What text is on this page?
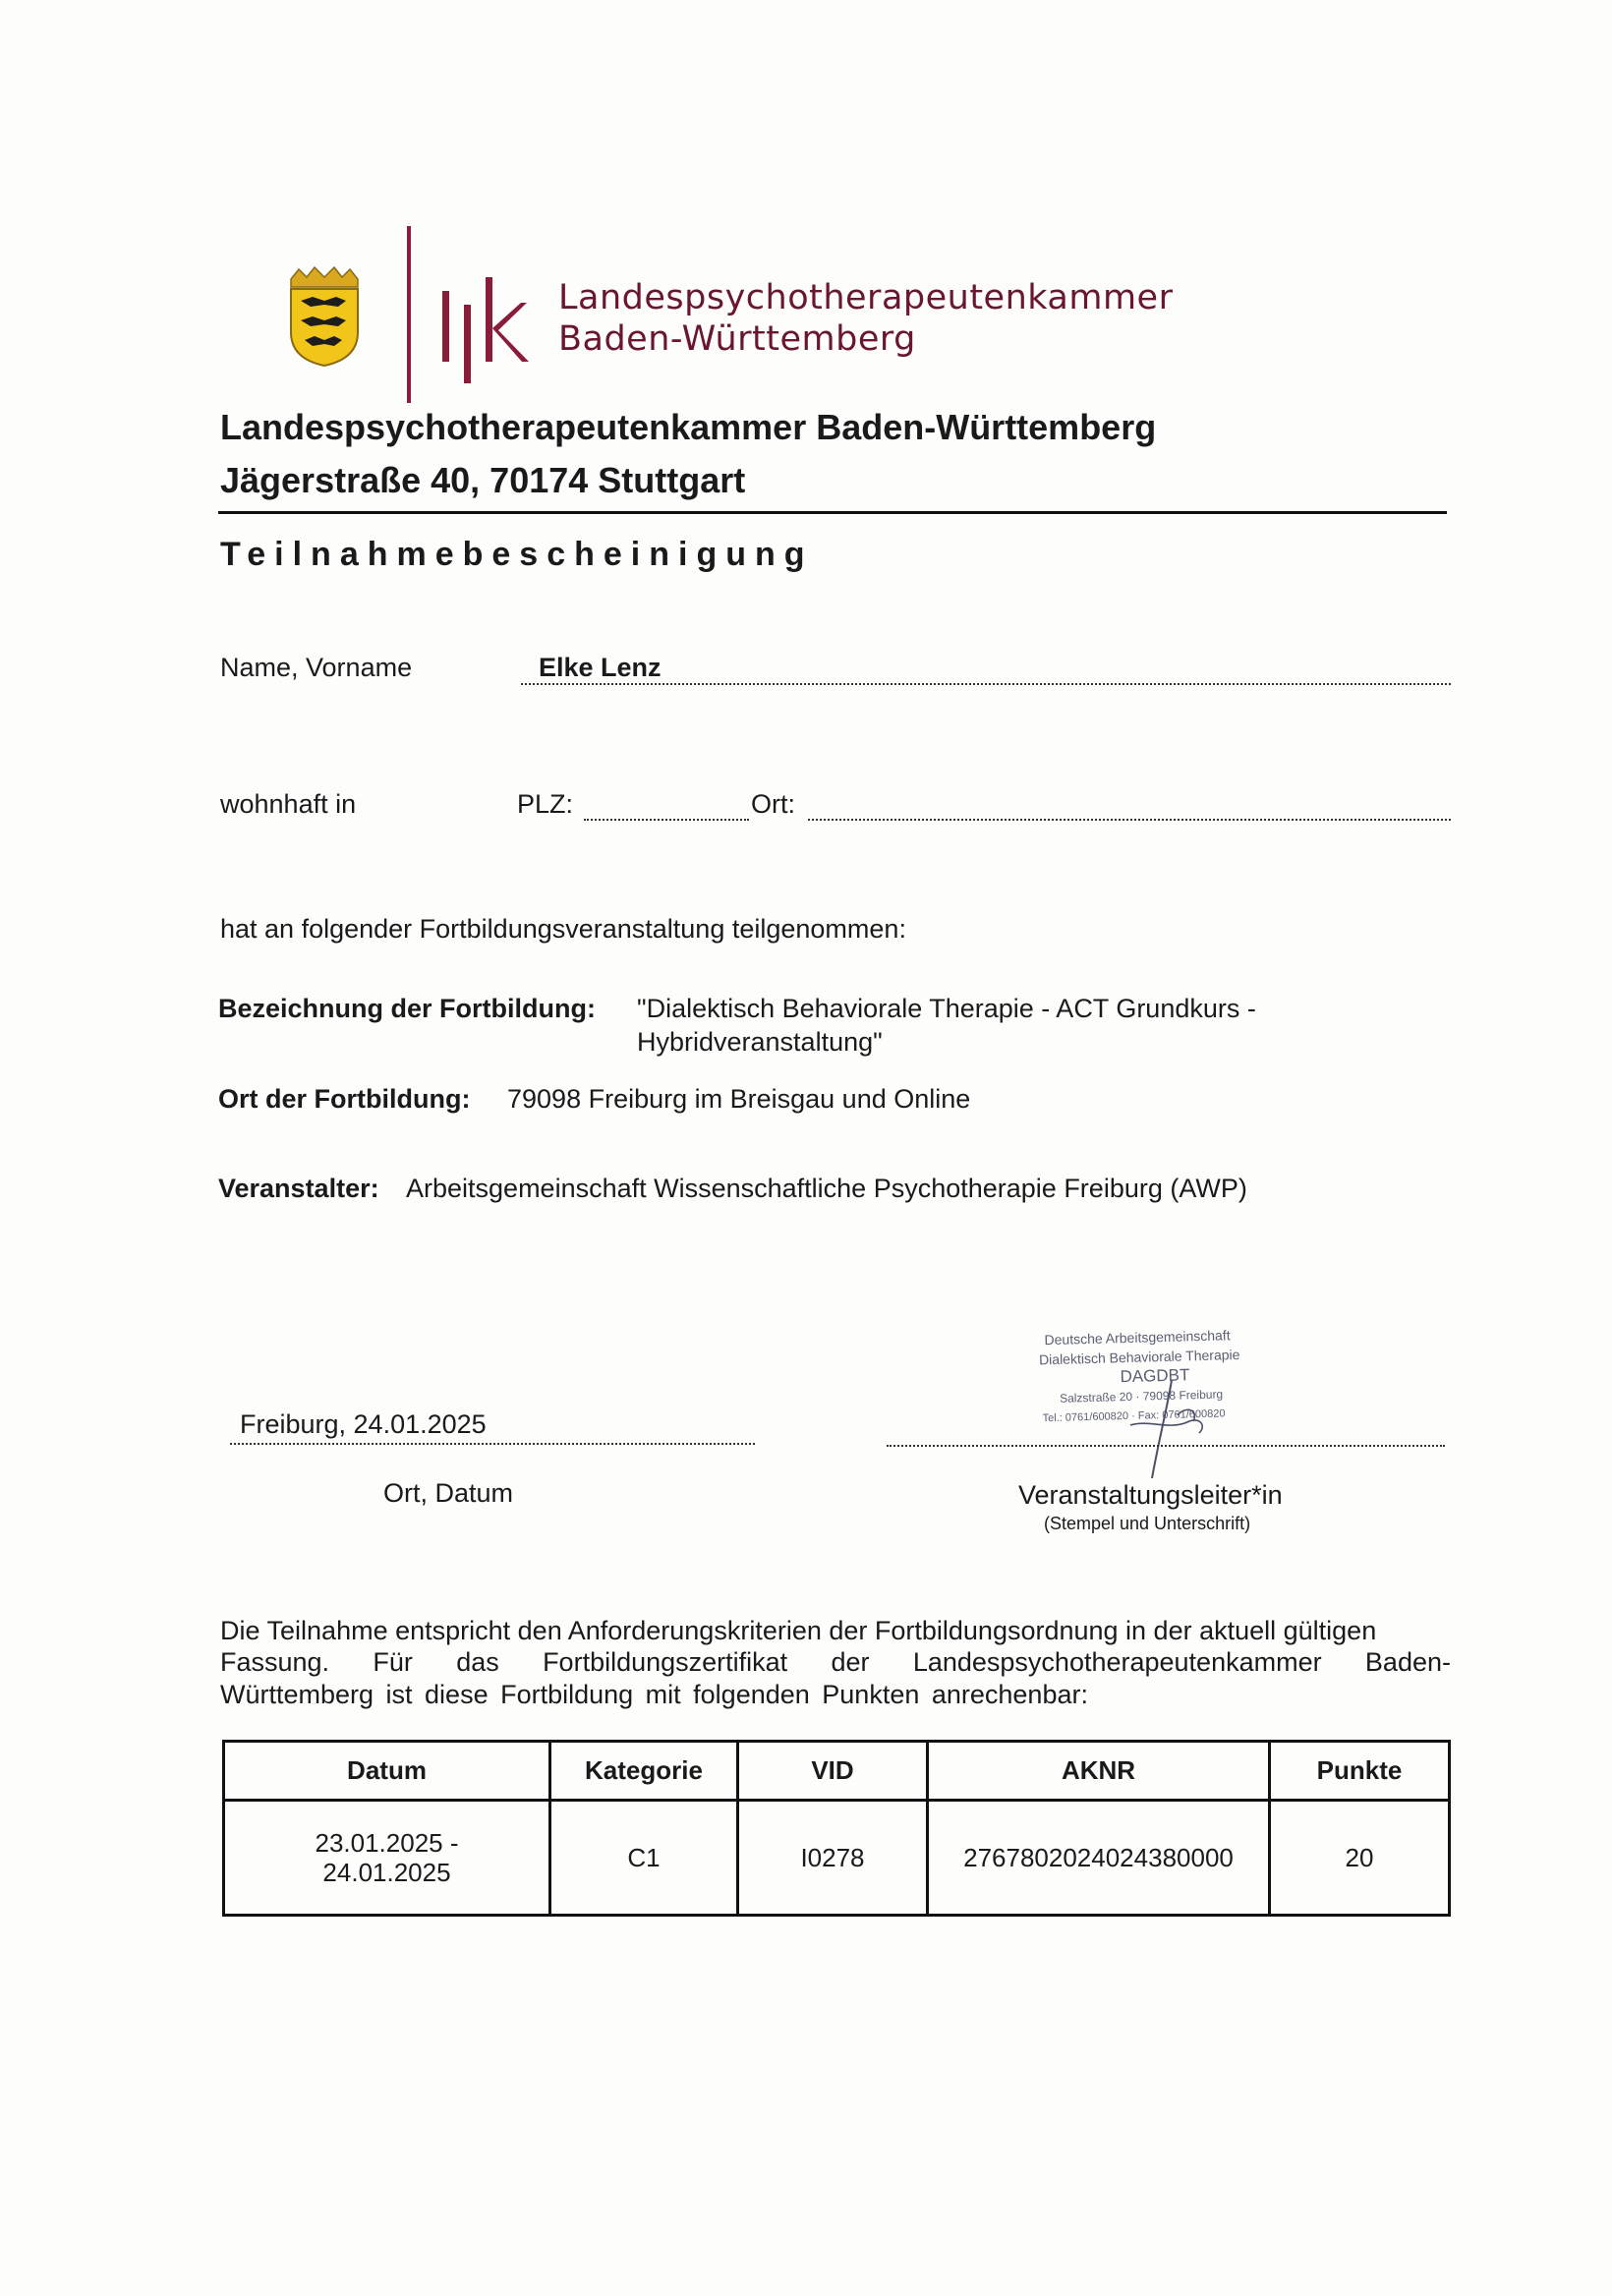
Landespsychotherapeutenkammer
Baden-Württemberg
Landespsychotherapeutenkammer Baden-Württemberg
Jägerstraße 40, 70174 Stuttgart
Teilnahmebescheinigung
Name, Vorname	Elke Lenz
wohnhaft in	PLZ:	Ort:
hat an folgender Fortbildungsveranstaltung teilgenommen:
Bezeichnung der Fortbildung: "Dialektisch Behaviorale Therapie - ACT Grundkurs -
Hybridveranstaltung"
Ort der Fortbildung: 79098 Freiburg im Breisgau und Online
Veranstalter: Arbeitsgemeinschaft Wissenschaftliche Psychotherapie Freiburg (AWP)
Freiburg, 24.01.2025
Ort, Datum
Deutsche Arbeitsgemeinschaft
Dialektisch Behaviorale Therapie
DAGDBT
Salzstraße 20 · 79098 Freiburg
Tel.: 0761/600820 · Fax: 0761/600820
Veranstaltungsleiter*in
(Stempel und Unterschrift)
Die Teilnahme entspricht den Anforderungskriterien der Fortbildungsordnung in der aktuell gültigen
Fassung. Für das Fortbildungszertifikat der Landespsychotherapeutenkammer Baden-
Württemberg ist diese Fortbildung mit folgenden Punkten anrechenbar:
Datum	Kategorie	VID	AKNR	Punkte
23.01.2025 -
24.01.2025
C1	I0278	2767802024024380000	20
